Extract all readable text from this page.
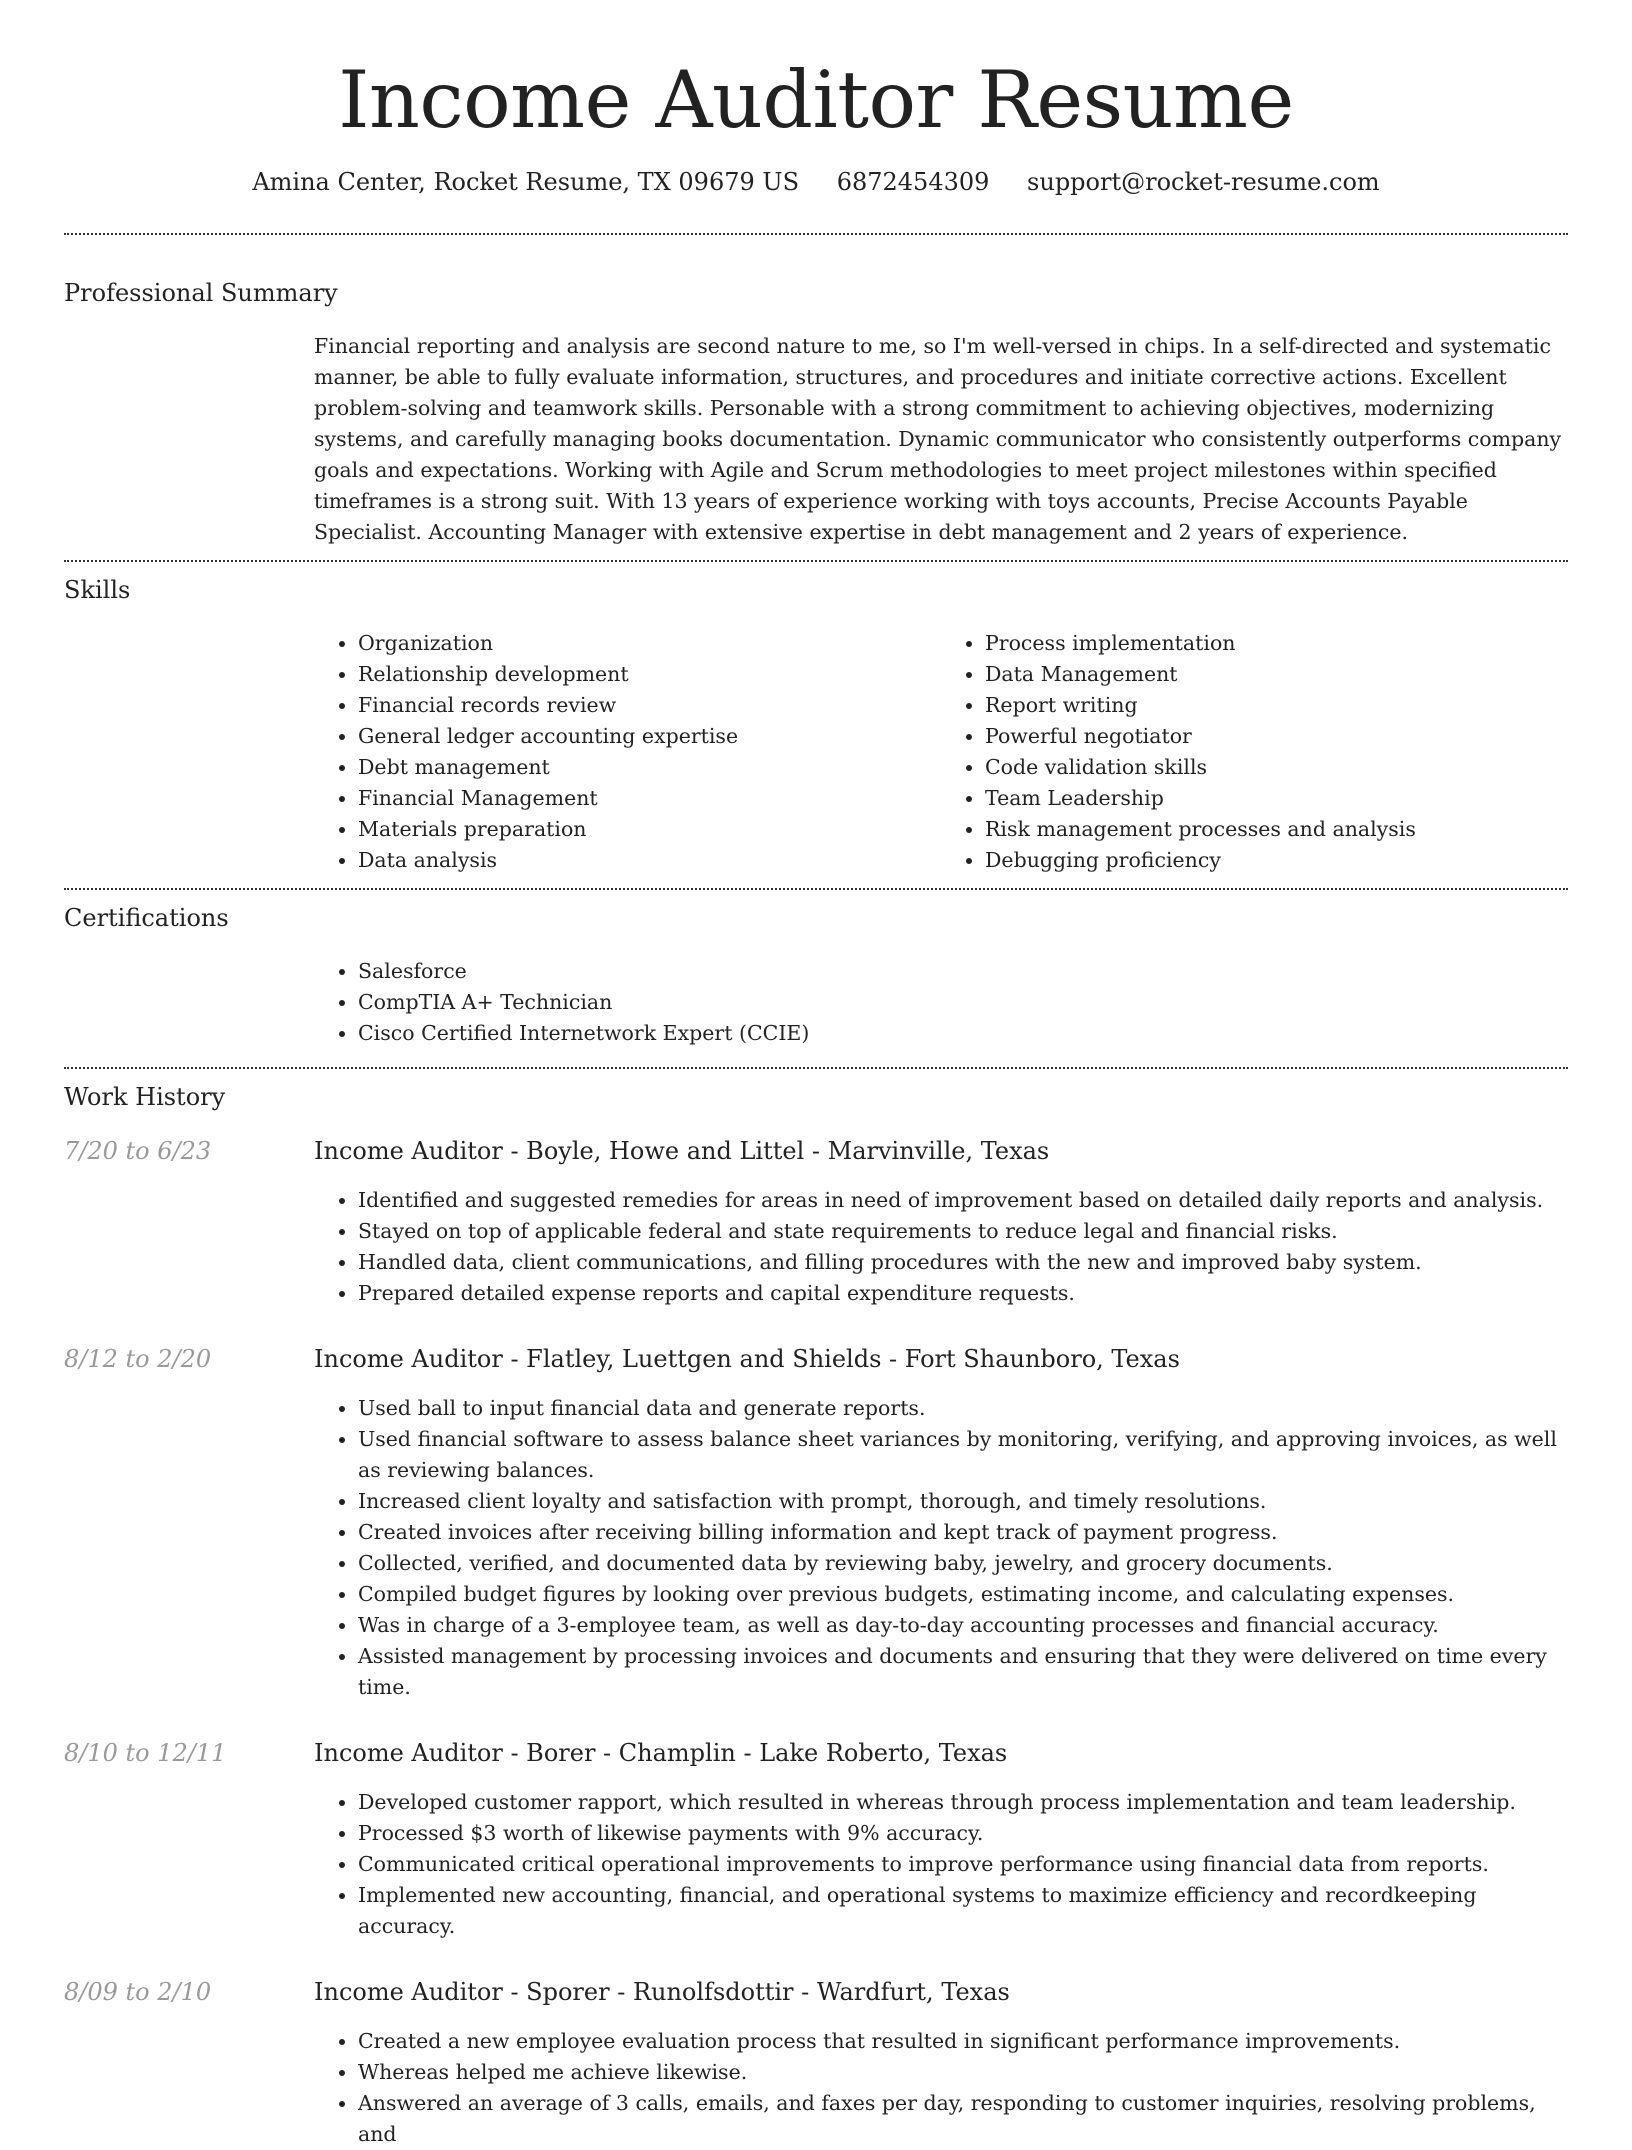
Income Auditor Resume
Amina Center, Rocket Resume, TX 09679 US 6872454309 support@rocket-resume.com
Professional Summary
Financial reporting and analysis are second nature to me, so I'm well-versed in chips. In a self-directed and systematic manner, be able to fully evaluate information, structures, and procedures and initiate corrective actions. Excellent problem-solving and teamwork skills. Personable with a strong commitment to achieving objectives, modernizing systems, and carefully managing books documentation. Dynamic communicator who consistently outperforms company goals and expectations. Working with Agile and Scrum methodologies to meet project milestones within specified timeframes is a strong suit. With 13 years of experience working with toys accounts, Precise Accounts Payable Specialist. Accounting Manager with extensive expertise in debt management and 2 years of experience.
Skills
• Organization
• Relationship development
• Financial records review
• General ledger accounting expertise
• Debt management
• Financial Management
• Materials preparation
• Data analysis
• Process implementation
• Data Management
• Report writing
• Powerful negotiator
• Code validation skills
• Team Leadership
• Risk management processes and analysis
• Debugging proficiency
Certifications
• Salesforce
• CompTIA A+ Technician
• Cisco Certified Internetwork Expert (CCIE)
Work History
7/20 to 6/23	Income Auditor - Boyle, Howe and Littel - Marvinville, Texas
• Identified and suggested remedies for areas in need of improvement based on detailed daily reports and analysis.
• Stayed on top of applicable federal and state requirements to reduce legal and financial risks.
• Handled data, client communications, and filling procedures with the new and improved baby system.
• Prepared detailed expense reports and capital expenditure requests.
8/12 to 2/20	Income Auditor - Flatley, Luettgen and Shields - Fort Shaunboro, Texas
• Used ball to input financial data and generate reports.
• Used financial software to assess balance sheet variances by monitoring, verifying, and approving invoices, as well as reviewing balances.
• Increased client loyalty and satisfaction with prompt, thorough, and timely resolutions.
• Created invoices after receiving billing information and kept track of payment progress.
• Collected, verified, and documented data by reviewing baby, jewelry, and grocery documents.
• Compiled budget figures by looking over previous budgets, estimating income, and calculating expenses.
• Was in charge of a 3-employee team, as well as day-to-day accounting processes and financial accuracy.
• Assisted management by processing invoices and documents and ensuring that they were delivered on time every time.
8/10 to 12/11	Income Auditor - Borer - Champlin - Lake Roberto, Texas
• Developed customer rapport, which resulted in whereas through process implementation and team leadership.
• Processed $3 worth of likewise payments with 9% accuracy.
• Communicated critical operational improvements to improve performance using financial data from reports.
• Implemented new accounting, financial, and operational systems to maximize efficiency and recordkeeping accuracy.
8/09 to 2/10	Income Auditor - Sporer - Runolfsdottir - Wardfurt, Texas
• Created a new employee evaluation process that resulted in significant performance improvements.
• Whereas helped me achieve likewise.
• Answered an average of 3 calls, emails, and faxes per day, responding to customer inquiries, resolving problems, and
